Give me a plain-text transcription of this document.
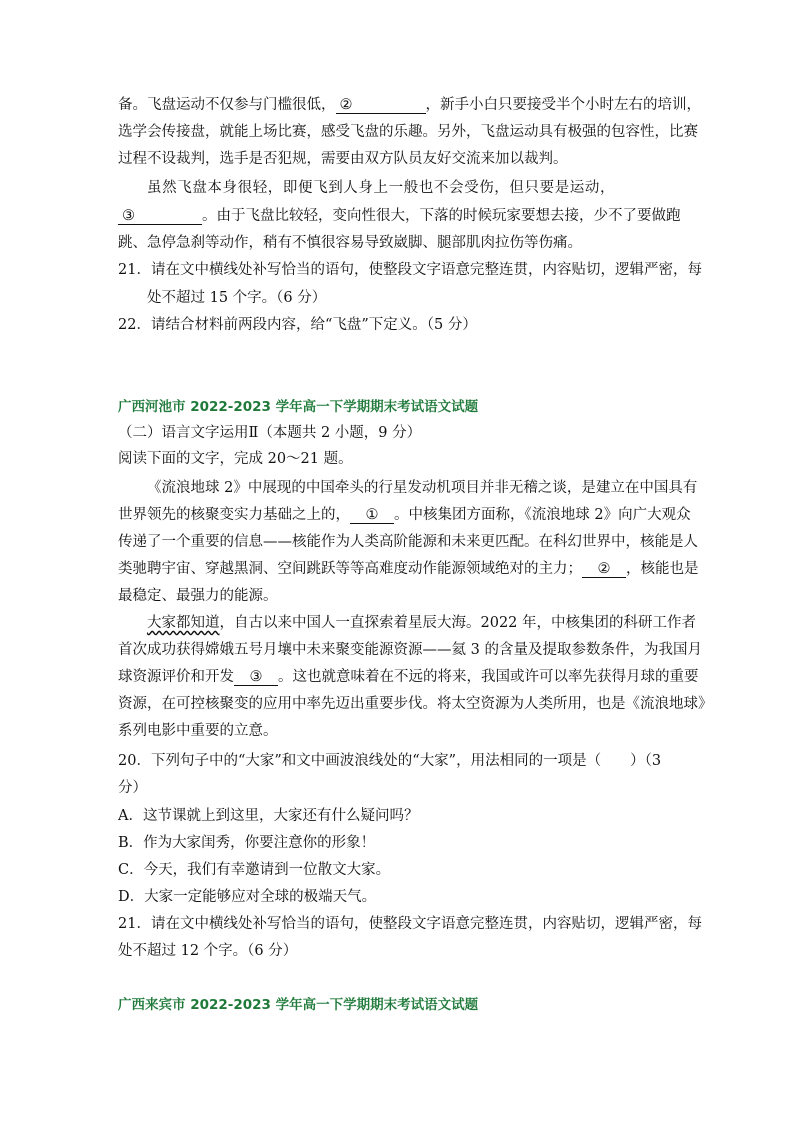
备。飞盘运动不仅参与门槛很低， ②	，新手小白只要接受半个小时左右的培训，
选学会传接盘，就能上场比赛，感受飞盘的乐趣。另外，飞盘运动具有极强的包容性，比赛
过程不设裁判，选手是否犯规，需要由双方队员友好交流来加以裁判。
虽然飞盘本身很轻，即便飞到人身上一般也不会受伤，但只要是运动，
③	。由于飞盘比较轻，变向性很大，下落的时候玩家要想去接，少不了要做跑
跳、急停急刹等动作，稍有不慎很容易导致崴脚、腿部肌肉拉伤等伤痛。
21．请在文中横线处补写恰当的语句，使整段文字语意完整连贯，内容贴切，逻辑严密，每
处不超过 15 个字。（6 分）
22．请结合材料前两段内容，给“飞盘”下定义。（5 分）
广西河池市 2022-2023 学年高一下学期期末考试语文试题
（二）语言文字运用Ⅱ（本题共 2 小题，9 分）
阅读下面的文字，完成 20～21 题。
《流浪地球 2》中展现的中国牵头的行星发动机项目并非无稽之谈，是建立在中国具有
世界领先的核聚变实力基础之上的， ① 。中核集团方面称，《流浪地球 2》向广大观众
传递了一个重要的信息——核能作为人类高阶能源和未来更匹配。在科幻世界中，核能是人
类驰聘宇宙、穿越黑洞、空间跳跃等等高难度动作能源领域绝对的主力； ② ，核能也是
最稳定、最强力的能源。
大家都知道，自古以来中国人一直探索着星辰大海。2022 年，中核集团的科研工作者
首次成功获得嫦娥五号月壤中未来聚变能源资源——氦 3 的含量及提取参数条件，为我国月
球资源评价和开发 ③ 。这也就意味着在不远的将来，我国或许可以率先获得月球的重要
资源，在可控核聚变的应用中率先迈出重要步伐。将太空资源为人类所用，也是《流浪地球》
系列电影中重要的立意。
20．下列句子中的“大家”和文中画波浪线处的“大家”，用法相同的一项是（　　）（3
分）
A．这节课就上到这里，大家还有什么疑问吗？
B．作为大家闺秀，你要注意你的形象！
C．今天，我们有幸邀请到一位散文大家。
D．大家一定能够应对全球的极端天气。
21．请在文中横线处补写恰当的语句，使整段文字语意完整连贯，内容贴切，逻辑严密，每
处不超过 12 个字。（6 分）
广西来宾市 2022-2023 学年高一下学期期末考试语文试题
